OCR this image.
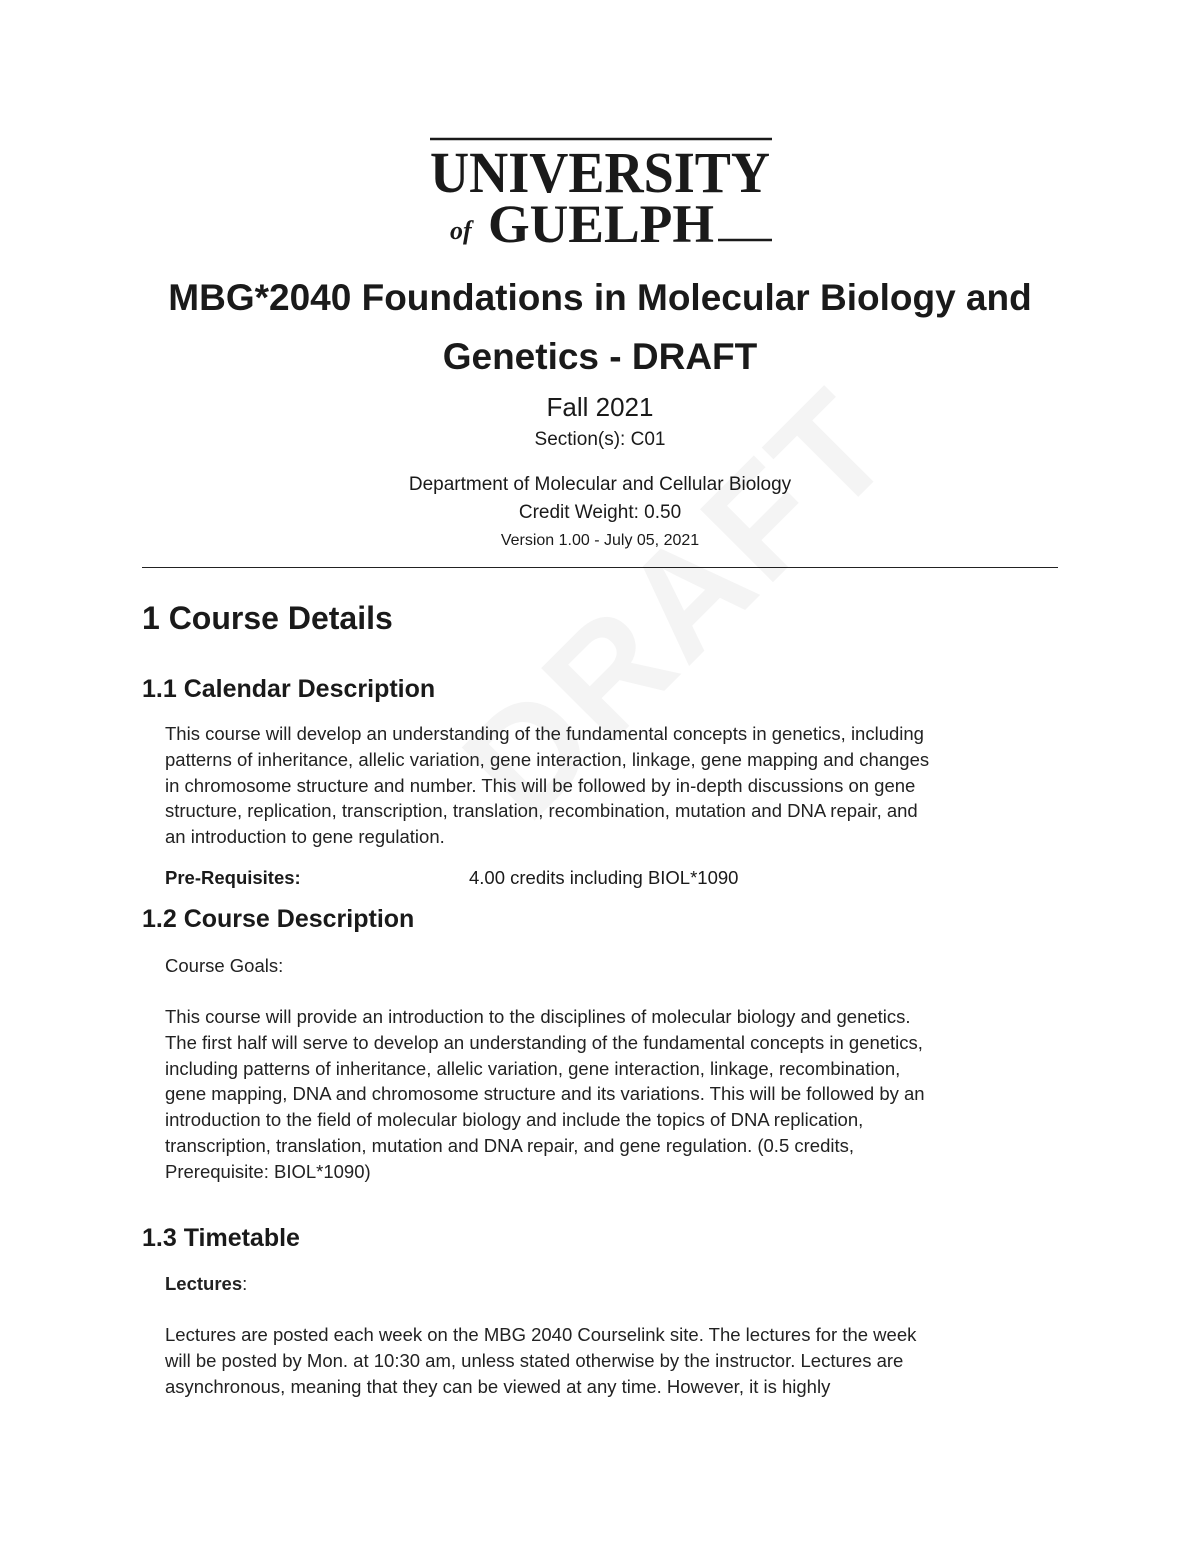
UNIVERSITY
of GUELPH
MBG*2040 Foundations in Molecular Biology and
Genetics - DRAFT
Fall 2021
Section(s): C01
Department of Molecular and Cellular Biology
Credit Weight: 0.50
Version 1.00 - July 05, 2021
1 Course Details
1.1 Calendar Description

This course will develop an understanding of the fundamental concepts in genetics, including

patterns of inheritance, allelic variation, gene interaction, linkage, gene mapping and changes

in chromosome structure and number. This will be followed by in-depth discussions on gene

structure, replication, transcription, translation, recombination, mutation and DNA repair, and

an introduction to gene regulation.

Pre-Requisites:	4.00 credits including BIOL*1090
1.2 Course Description

Course Goals:

This course will provide an introduction to the disciplines of molecular biology and genetics.

The first half will serve to develop an understanding of the fundamental concepts in genetics,

including patterns of inheritance, allelic variation, gene interaction, linkage, recombination,

gene mapping, DNA and chromosome structure and its variations. This will be followed by an

introduction to the field of molecular biology and include the topics of DNA replication,

transcription, translation, mutation and DNA repair, and gene regulation. (0.5 credits,

Prerequisite: BIOL*1090)

1.3 Timetable

Lectures:

Lectures are posted each week on the MBG 2040 Courselink site. The lectures for the week

will be posted by Mon. at 10:30 am, unless stated otherwise by the instructor. Lectures are

asynchronous, meaning that they can be viewed at any time. However, it is highly
